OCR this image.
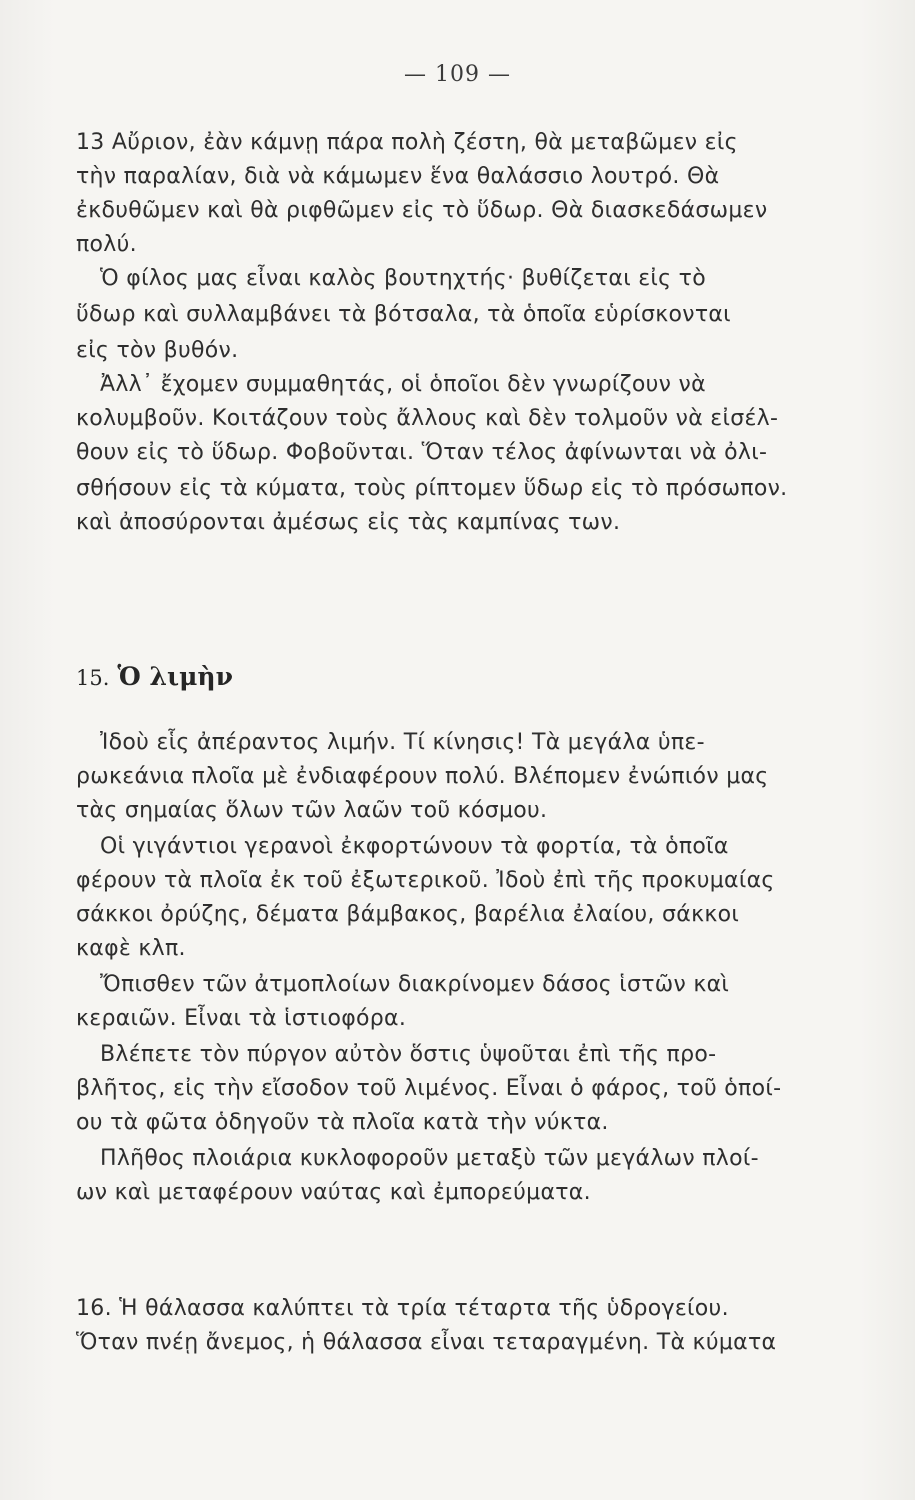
— 109 —
13 Αὔριον, ἐὰν κάμνῃ πάρα πολὴ ζέστη, θὰ μεταβῶμεν εἰς
τὴν παραλίαν, διὰ νὰ κάμωμεν ἕνα θαλάσσιο λουτρό. Θὰ
ἐκδυθῶμεν καὶ θὰ ριφθῶμεν εἰς τὸ ὕδωρ. Θὰ διασκεδάσωμεν
πολύ.
Ὁ φίλος μας εἶναι καλὸς βουτηχτής· βυθίζεται εἰς τὸ
ὕδωρ καὶ συλλαμβάνει τὰ βότσαλα, τὰ ὁποῖα εὑρίσκονται
εἰς τὸν βυθόν.
Ἀλλ᾽ ἔχομεν συμμαθητάς, οἱ ὁποῖοι δὲν γνωρίζουν νὰ
κολυμβοῦν. Κοιτάζουν τοὺς ἄλλους καὶ δὲν τολμοῦν νὰ εἰσέλ-
θουν εἰς τὸ ὕδωρ. Φοβοῦνται. Ὅταν τέλος ἀφίνωνται νὰ ὀλι-
σθήσουν εἰς τὰ κύματα, τοὺς ρίπτομεν ὕδωρ εἰς τὸ πρόσωπον.
καὶ ἀποσύρονται ἀμέσως εἰς τὰς καμπίνας των.
15. Ὁ λιμὴν
Ἰδοὺ εἷς ἀπέραντος λιμήν. Τί κίνησις! Τὰ μεγάλα ὑπε-
ρωκεάνια πλοῖα μὲ ἐνδιαφέρουν πολύ. Βλέπομεν ἐνώπιόν μας
τὰς σημαίας ὅλων τῶν λαῶν τοῦ κόσμου.
Οἱ γιγάντιοι γερανοὶ ἐκφορτώνουν τὰ φορτία, τὰ ὁποῖα
φέρουν τὰ πλοῖα ἐκ τοῦ ἐξωτερικοῦ. Ἰδοὺ ἐπὶ τῆς προκυμαίας
σάκκοι ὀρύζης, δέματα βάμβακος, βαρέλια ἐλαίου, σάκκοι
καφὲ κλπ.
Ὄπισθεν τῶν ἀτμοπλοίων διακρίνομεν δάσος ἱστῶν καὶ
κεραιῶν. Εἶναι τὰ ἱστιοφόρα.
Βλέπετε τὸν πύργον αὐτὸν ὅστις ὑψοῦται ἐπὶ τῆς προ-
βλῆτος, εἰς τὴν εἴσοδον τοῦ λιμένος. Εἶναι ὁ φάρος, τοῦ ὁποί-
ου τὰ φῶτα ὁδηγοῦν τὰ πλοῖα κατὰ τὴν νύκτα.
Πλῆθος πλοιάρια κυκλοφοροῦν μεταξὺ τῶν μεγάλων πλοί-
ων καὶ μεταφέρουν ναύτας καὶ ἐμπορεύματα.
16. Ἡ θάλασσα καλύπτει τὰ τρία τέταρτα τῆς ὑδρογείου.
Ὅταν πνέῃ ἄνεμος, ἡ θάλασσα εἶναι τεταραγμένη. Τὰ κύματα
